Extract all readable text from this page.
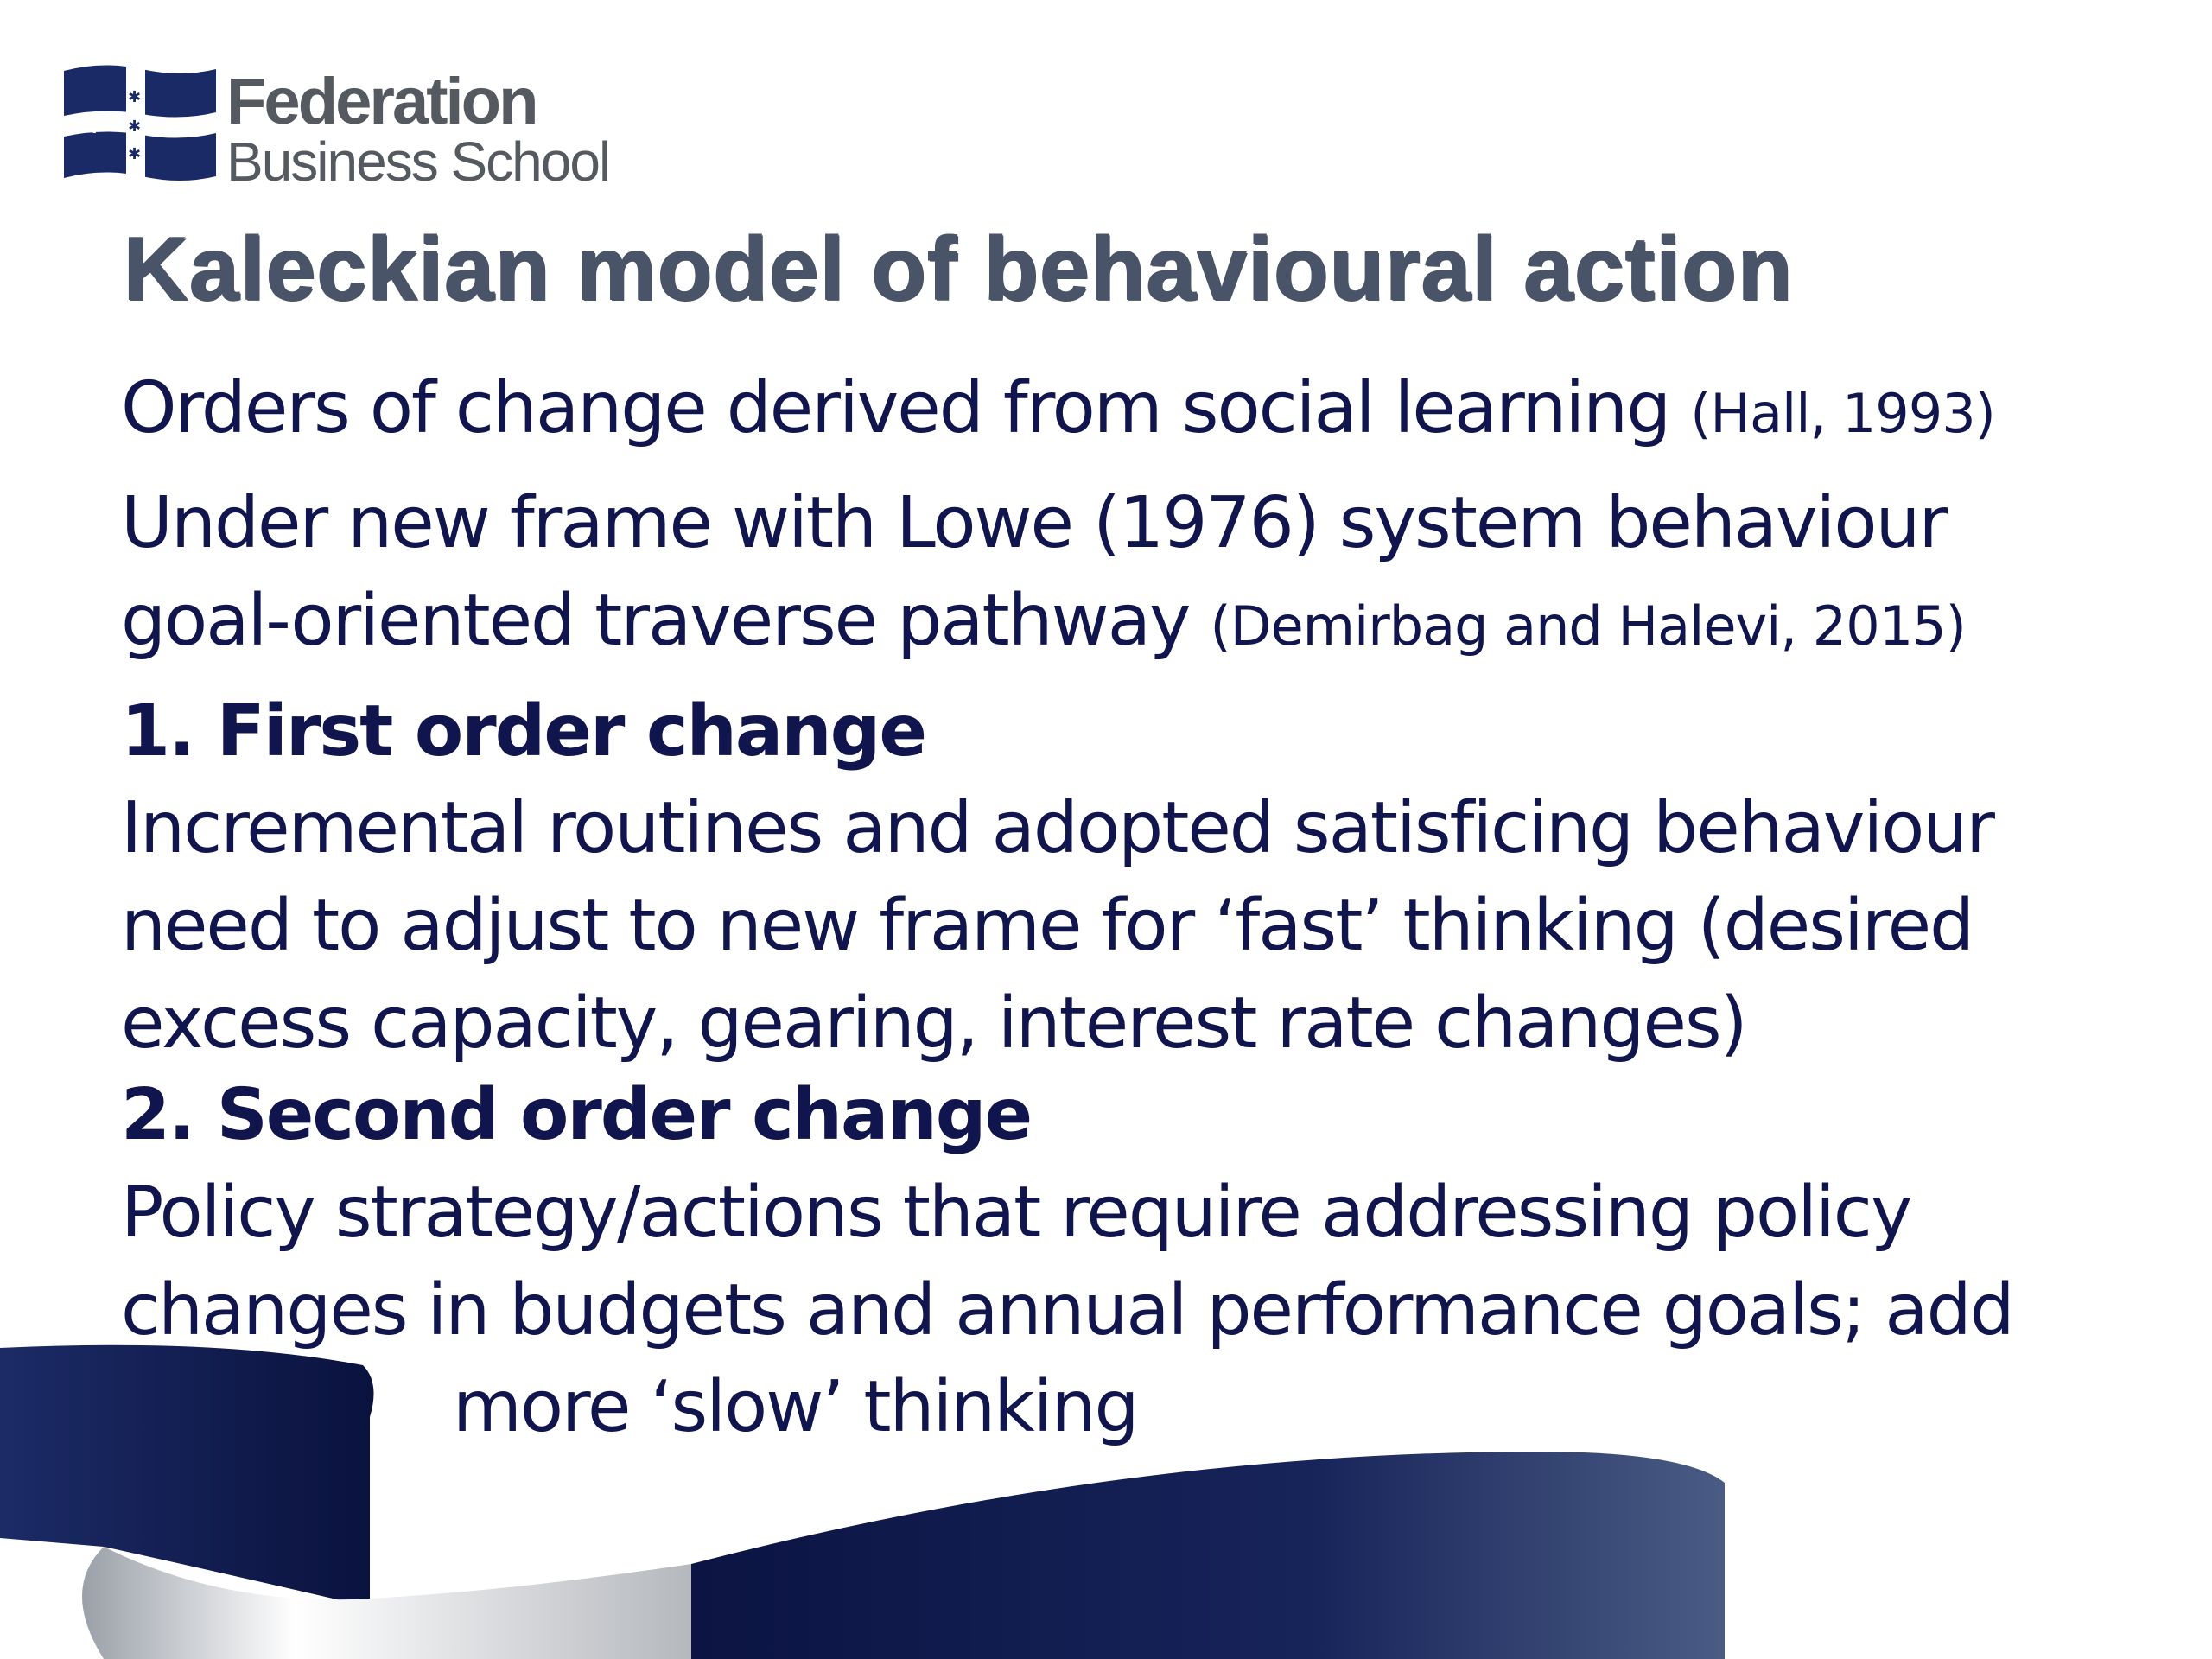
✱	✱
✱
✱
✱ Federation
Business School
Kaleckian model of behavioural action

Orders of change derived from social learning (Hall, 1993)

Under new frame with Lowe (1976) system behaviour

goal-oriented traverse pathway (Demirbag and Halevi, 2015)

1. First order change

Incremental routines and adopted satisficing behaviour

need to adjust to new frame for ‘fast’ thinking (desired

excess capacity, gearing, interest rate changes)

2. Second order change

Policy strategy/actions that require addressing policy

changes in budgets and annual performance goals; add

more ‘slow’ thinking
